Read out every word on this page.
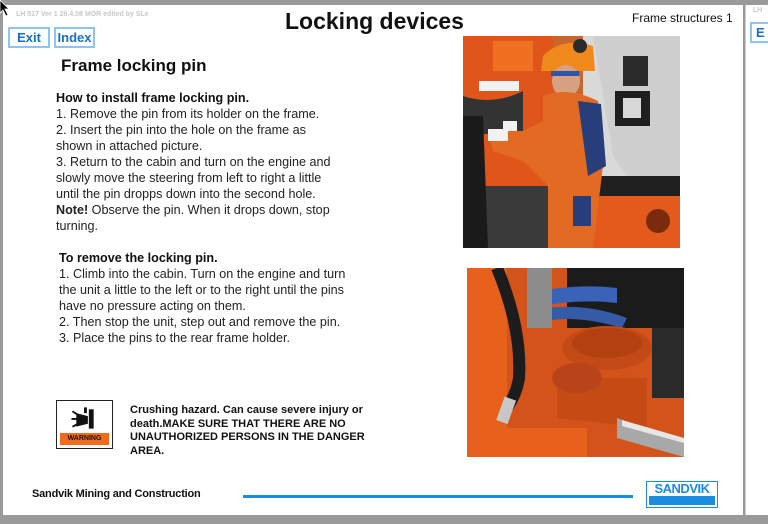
LH 517 Ver 1 29.4.08 MOR edited by SLe
Exit	Index
Locking devices	Frame structures 1
Frame locking pin

How to install frame locking pin.

1. Remove the pin from its holder on the frame.

2. Insert the pin into the hole on the frame as

shown in attached picture.

3. Return to the cabin and turn on the engine and

slowly move the steering from left to right a little

until the pin dropps down into the second hole.

Note! Observe the pin. When it drops down, stop

turning.

To remove the locking pin.

1. Climb into the cabin. Turn on the engine and turn

the unit a little to the left or to the right until the pins

have no pressure acting on them.

2. Then stop the unit, step out and remove the pin.

3. Place the pins to the rear frame holder.

WARNING
Crushing hazard. Can cause severe injury or death.MAKE SURE THAT THERE ARE NO UNAUTHORIZED PERSONS IN THE DANGER AREA.
Sandvik Mining and Construction	SANDVIK
LH
E
